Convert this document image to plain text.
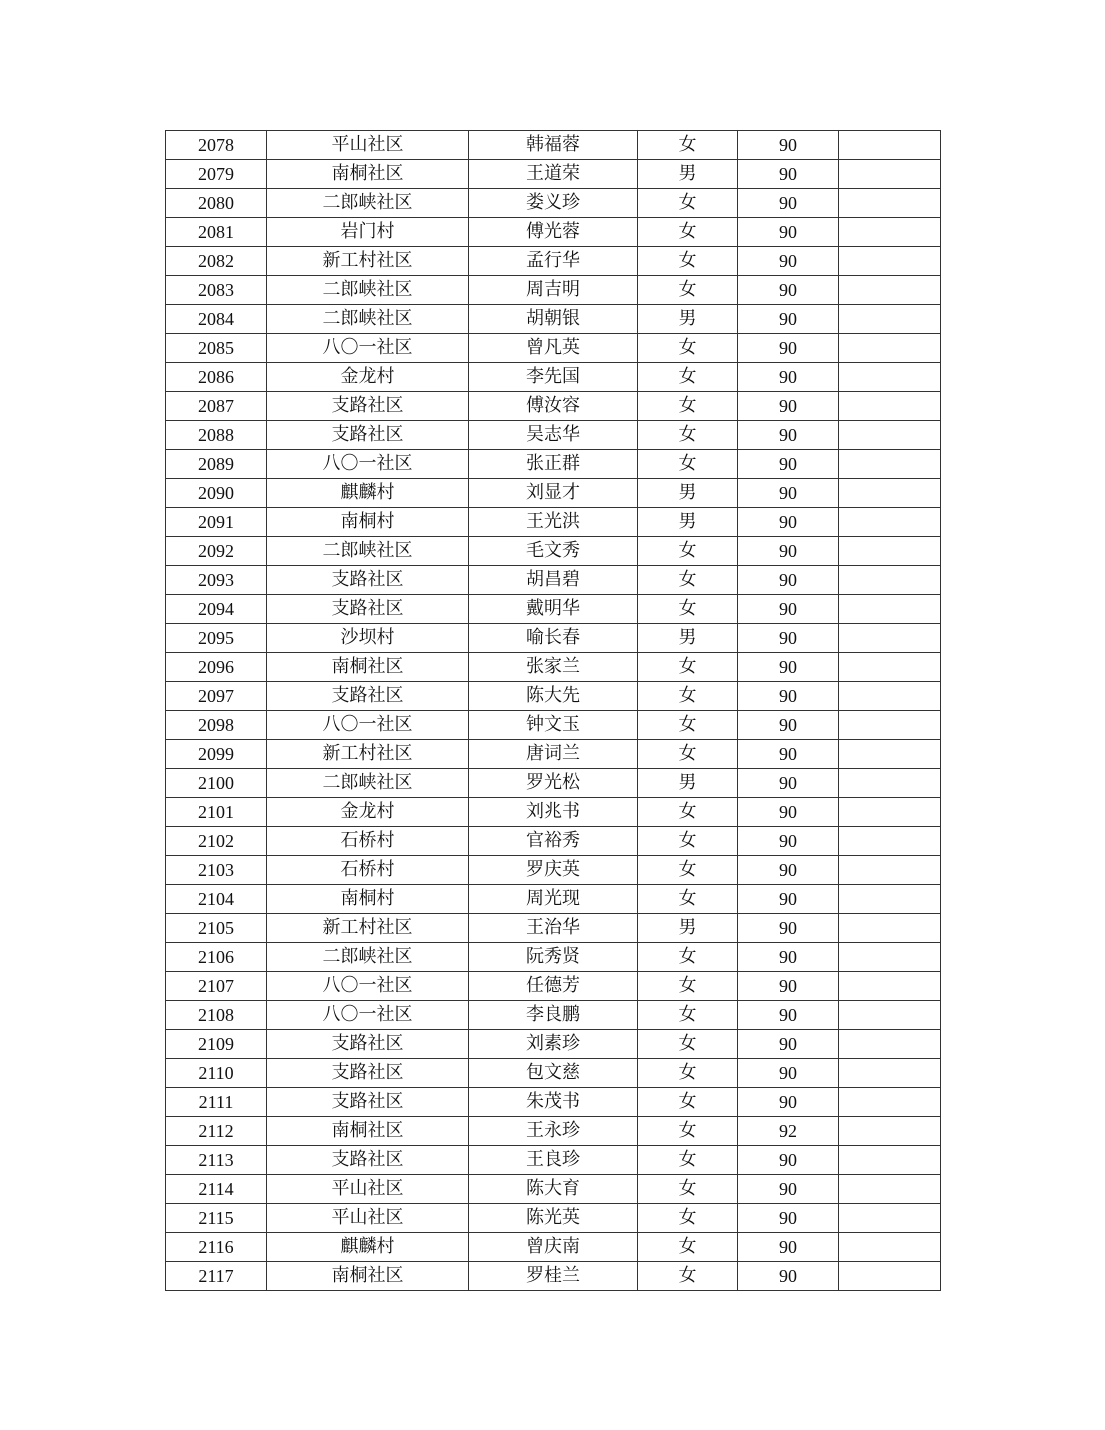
2078	平山社区	韩福蓉	女	90	
2079	南桐社区	王道荣	男	90	
2080	二郎峡社区	娄义珍	女	90	
2081	岩门村	傅光蓉	女	90	
2082	新工村社区	孟行华	女	90	
2083	二郎峡社区	周吉明	女	90	
2084	二郎峡社区	胡朝银	男	90	
2085	八〇一社区	曾凡英	女	90	
2086	金龙村	李先国	女	90	
2087	支路社区	傅汝容	女	90	
2088	支路社区	吴志华	女	90	
2089	八〇一社区	张正群	女	90	
2090	麒麟村	刘显才	男	90	
2091	南桐村	王光洪	男	90	
2092	二郎峡社区	毛文秀	女	90	
2093	支路社区	胡昌碧	女	90	
2094	支路社区	戴明华	女	90	
2095	沙坝村	喻长春	男	90	
2096	南桐社区	张家兰	女	90	
2097	支路社区	陈大先	女	90	
2098	八〇一社区	钟文玉	女	90	
2099	新工村社区	唐词兰	女	90	
2100	二郎峡社区	罗光松	男	90	
2101	金龙村	刘兆书	女	90	
2102	石桥村	官裕秀	女	90	
2103	石桥村	罗庆英	女	90	
2104	南桐村	周光现	女	90	
2105	新工村社区	王治华	男	90	
2106	二郎峡社区	阮秀贤	女	90	
2107	八〇一社区	任德芳	女	90	
2108	八〇一社区	李良鹏	女	90	
2109	支路社区	刘素珍	女	90	
2110	支路社区	包文慈	女	90	
2111	支路社区	朱茂书	女	90	
2112	南桐社区	王永珍	女	92	
2113	支路社区	王良珍	女	90	
2114	平山社区	陈大育	女	90	
2115	平山社区	陈光英	女	90	
2116	麒麟村	曾庆南	女	90	
2117	南桐社区	罗桂兰	女	90	
